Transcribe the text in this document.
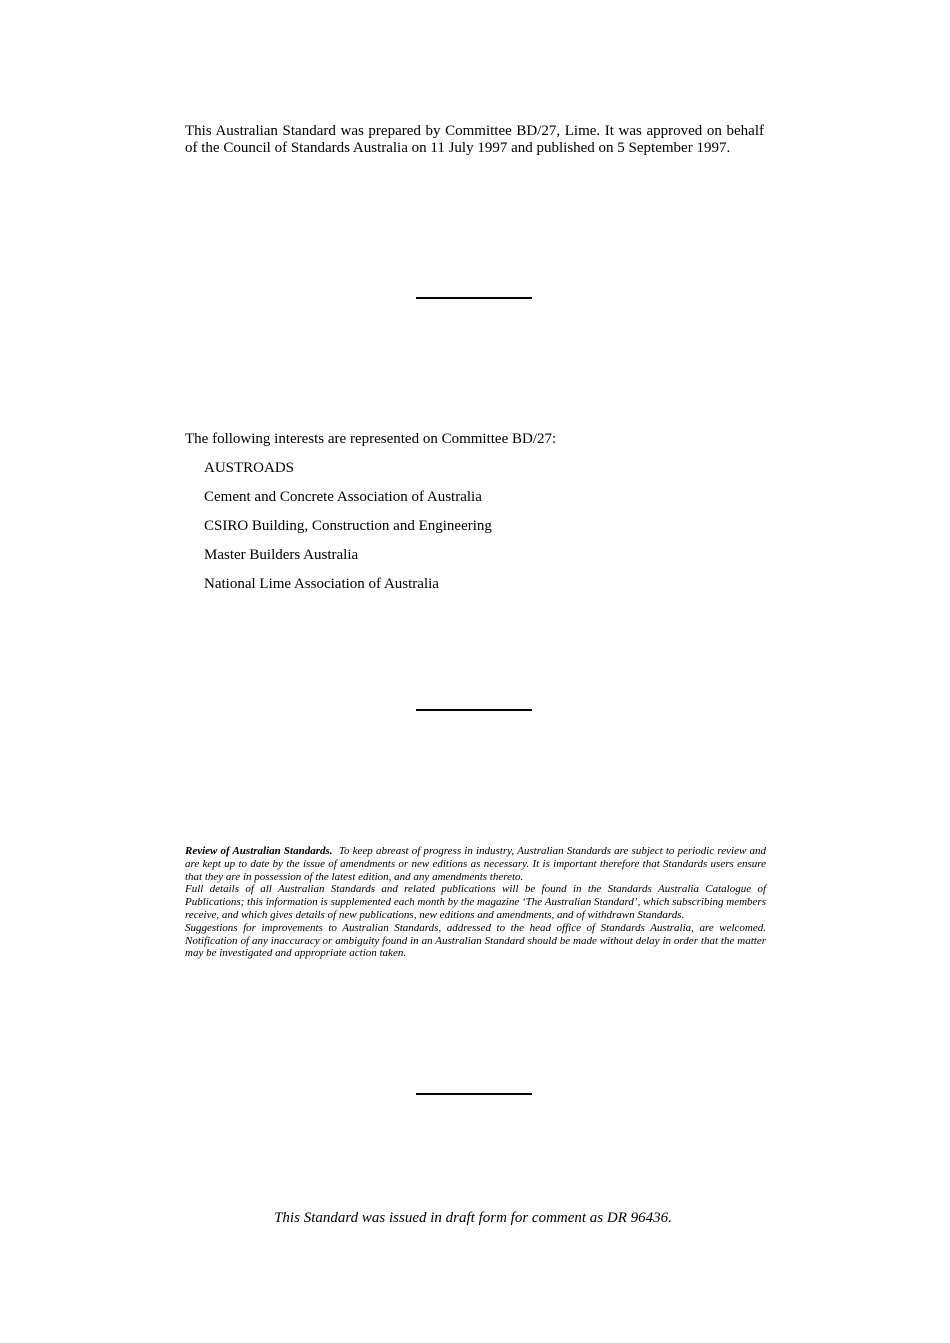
This Australian Standard was prepared by Committee BD/27, Lime. It was approved on behalf of the Council of Standards Australia on 11 July 1997 and published on 5 September 1997.

The following interests are represented on Committee BD/27:

AUSTROADS
Cement and Concrete Association of Australia
CSIRO Building, Construction and Engineering
Master Builders Australia
National Lime Association of Australia

Review of Australian Standards. To keep abreast of progress in industry, Australian Standards are subject to periodic review and are kept up to date by the issue of amendments or new editions as necessary. It is important therefore that Standards users ensure that they are in possession of the latest edition, and any amendments thereto.

Full details of all Australian Standards and related publications will be found in the Standards Australia Catalogue of Publications; this information is supplemented each month by the magazine ‘The Australian Standard’, which subscribing members receive, and which gives details of new publications, new editions and amendments, and of withdrawn Standards.

Suggestions for improvements to Australian Standards, addressed to the head office of Standards Australia, are welcomed. Notification of any inaccuracy or ambiguity found in an Australian Standard should be made without delay in order that the matter may be investigated and appropriate action taken.

This Standard was issued in draft form for comment as DR 96436.
